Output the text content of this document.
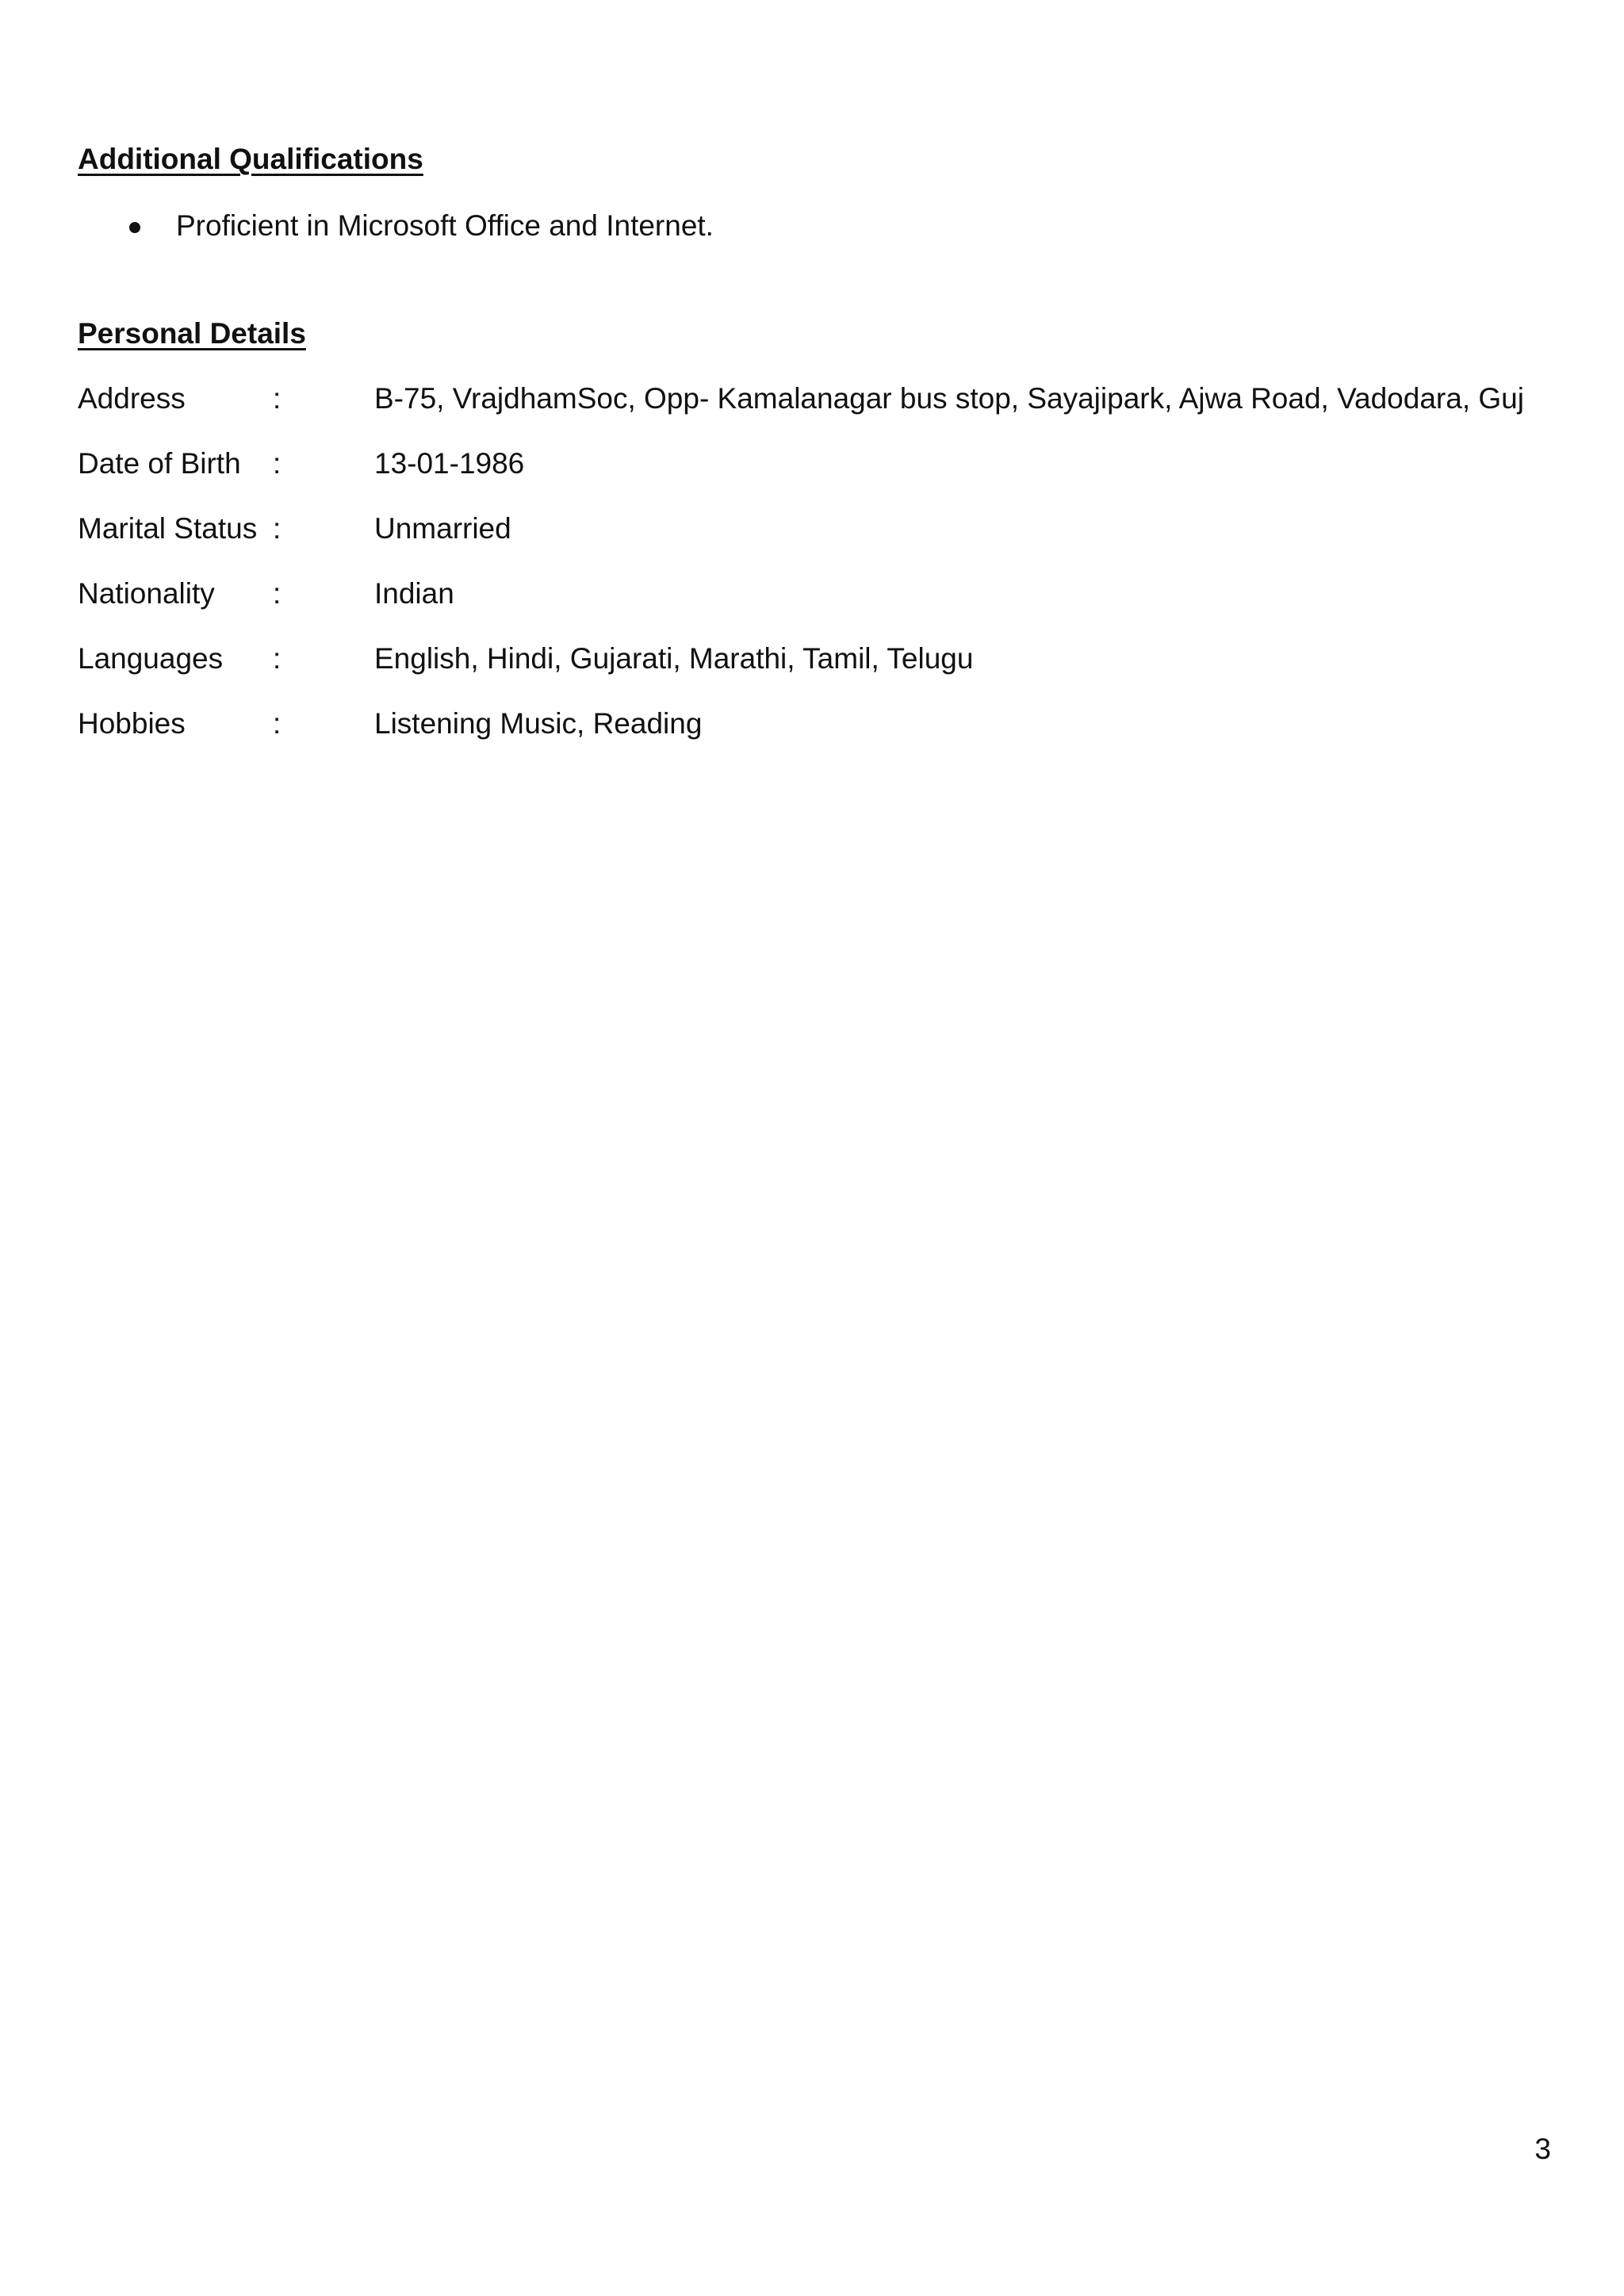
Additional Qualifications
Proficient in Microsoft Office and Internet.
Personal Details
Address	:	B-75, VrajdhamSoc, Opp- Kamalanagar bus stop, Sayajipark, Ajwa Road, Vadodara, Guj
Date of Birth :	13-01-1986
Marital Status :	Unmarried
Nationality :	Indian
Languages :	English, Hindi, Gujarati, Marathi, Tamil, Telugu
Hobbies	:	Listening Music, Reading
3
